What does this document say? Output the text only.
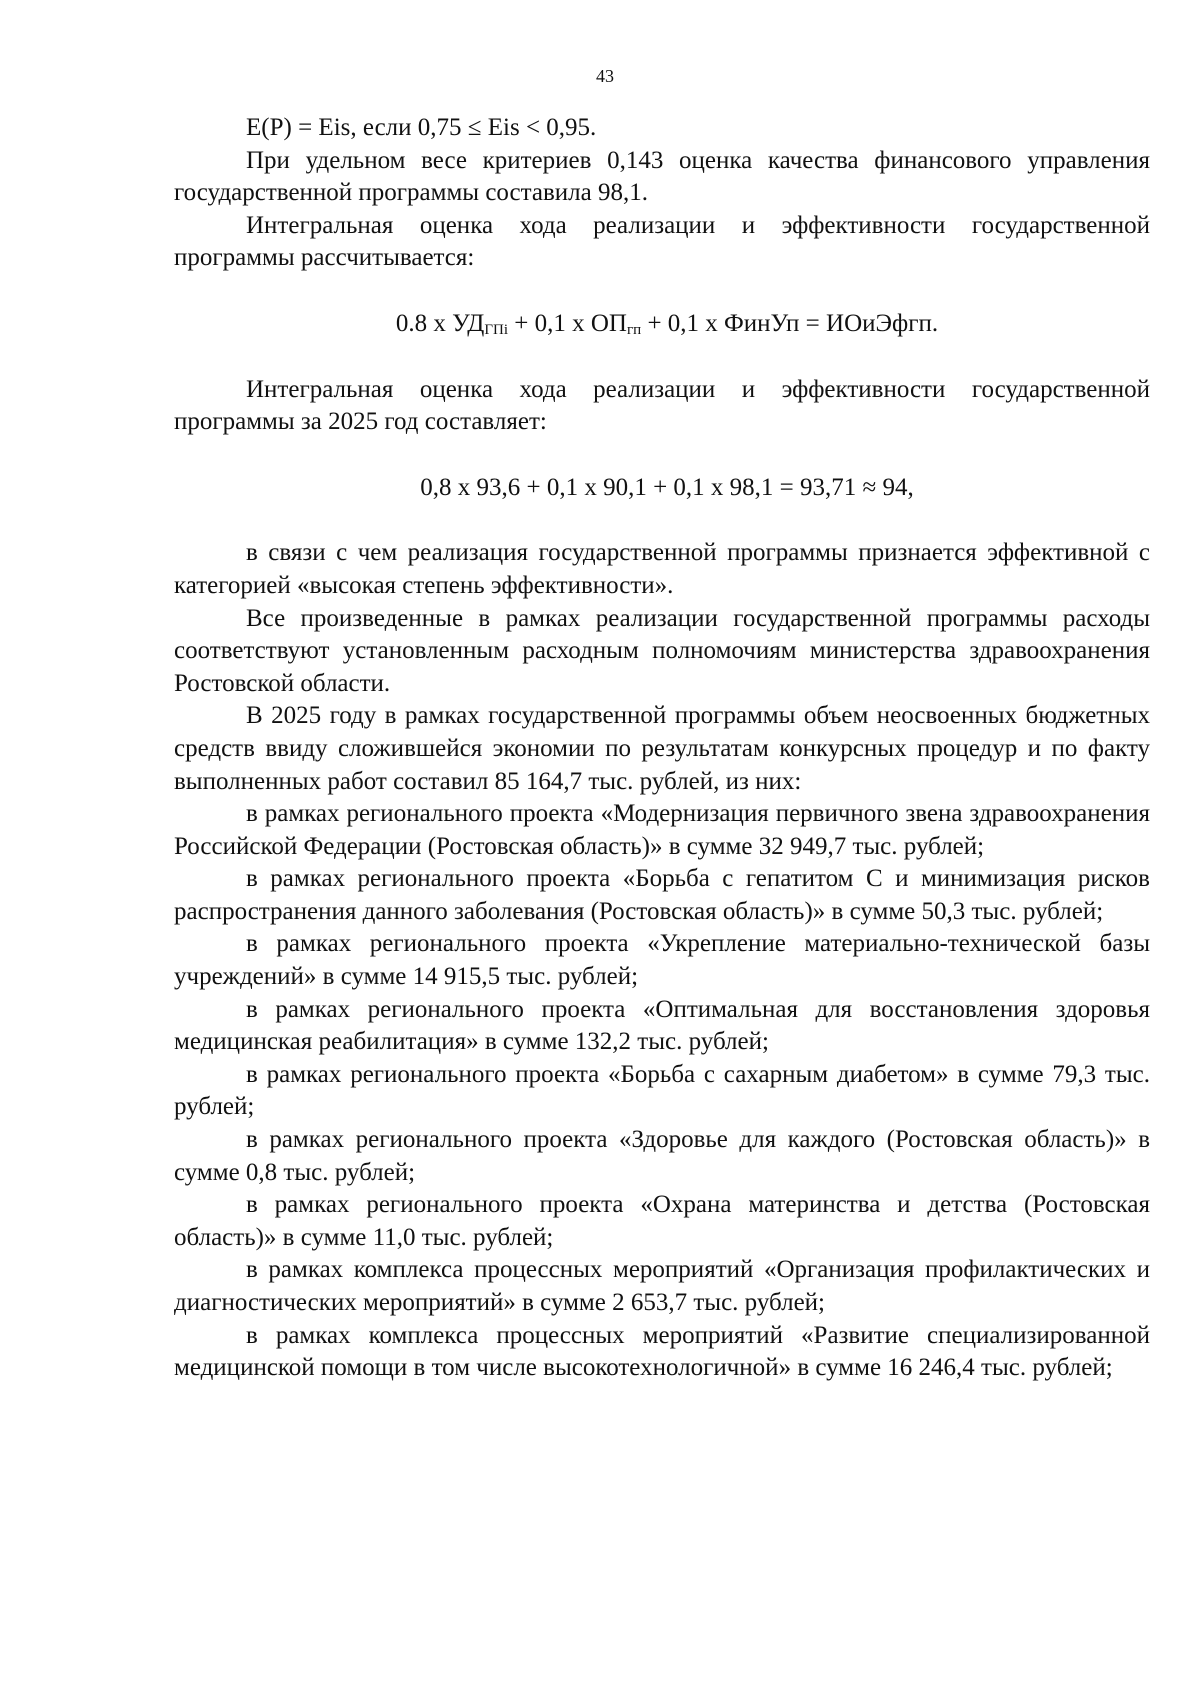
43

E(P) = Eis, если 0,75 ≤ Eis < 0,95.

При удельном весе критериев 0,143 оценка качества финансового управления государственной программы составила 98,1.

Интегральная оценка хода реализации и эффективности государственной программы рассчитывается:

0.8 x $УД_{ГПi} + 0,1$ x $ОП_{гп} + 0,1$ x ФинУп = ИОиЭфгп.

Интегральная оценка хода реализации и эффективности государственной программы за 2025 год составляет:

0,8 x 93,6 + 0,1 x 90,1 + 0,1 x 98,1 = 93,71 ≈ 94,

в связи с чем реализация государственной программы признается эффективной с категорией «высокая степень эффективности».

Все произведенные в рамках реализации государственной программы расходы соответствуют установленным расходным полномочиям министерства здравоохранения Ростовской области.

В 2025 году в рамках государственной программы объем неосвоенных бюджетных средств ввиду сложившейся экономии по результатам конкурсных процедур и по факту выполненных работ составил 85 164,7 тыс. рублей, из них:

в рамках регионального проекта «Модернизация первичного звена здравоохранения Российской Федерации (Ростовская область)» в сумме 32 949,7 тыс. рублей;

в рамках регионального проекта «Борьба с гепатитом С и минимизация рисков распространения данного заболевания (Ростовская область)» в сумме 50,3 тыс. рублей;

в рамках регионального проекта «Укрепление материально-технической базы учреждений» в сумме 14 915,5 тыс. рублей;

в рамках регионального проекта «Оптимальная для восстановления здоровья медицинская реабилитация» в сумме 132,2 тыс. рублей;

в рамках регионального проекта «Борьба с сахарным диабетом» в сумме 79,3 тыс. рублей;

в рамках регионального проекта «Здоровье для каждого (Ростовская область)» в сумме 0,8 тыс. рублей;

в рамках регионального проекта «Охрана материнства и детства (Ростовская область)» в сумме 11,0 тыс. рублей;

в рамках комплекса процессных мероприятий «Организация профилактических и диагностических мероприятий» в сумме 2 653,7 тыс. рублей;

в рамках комплекса процессных мероприятий «Развитие специализированной медицинской помощи в том числе высокотехнологичной» в сумме 16 246,4 тыс. рублей;
